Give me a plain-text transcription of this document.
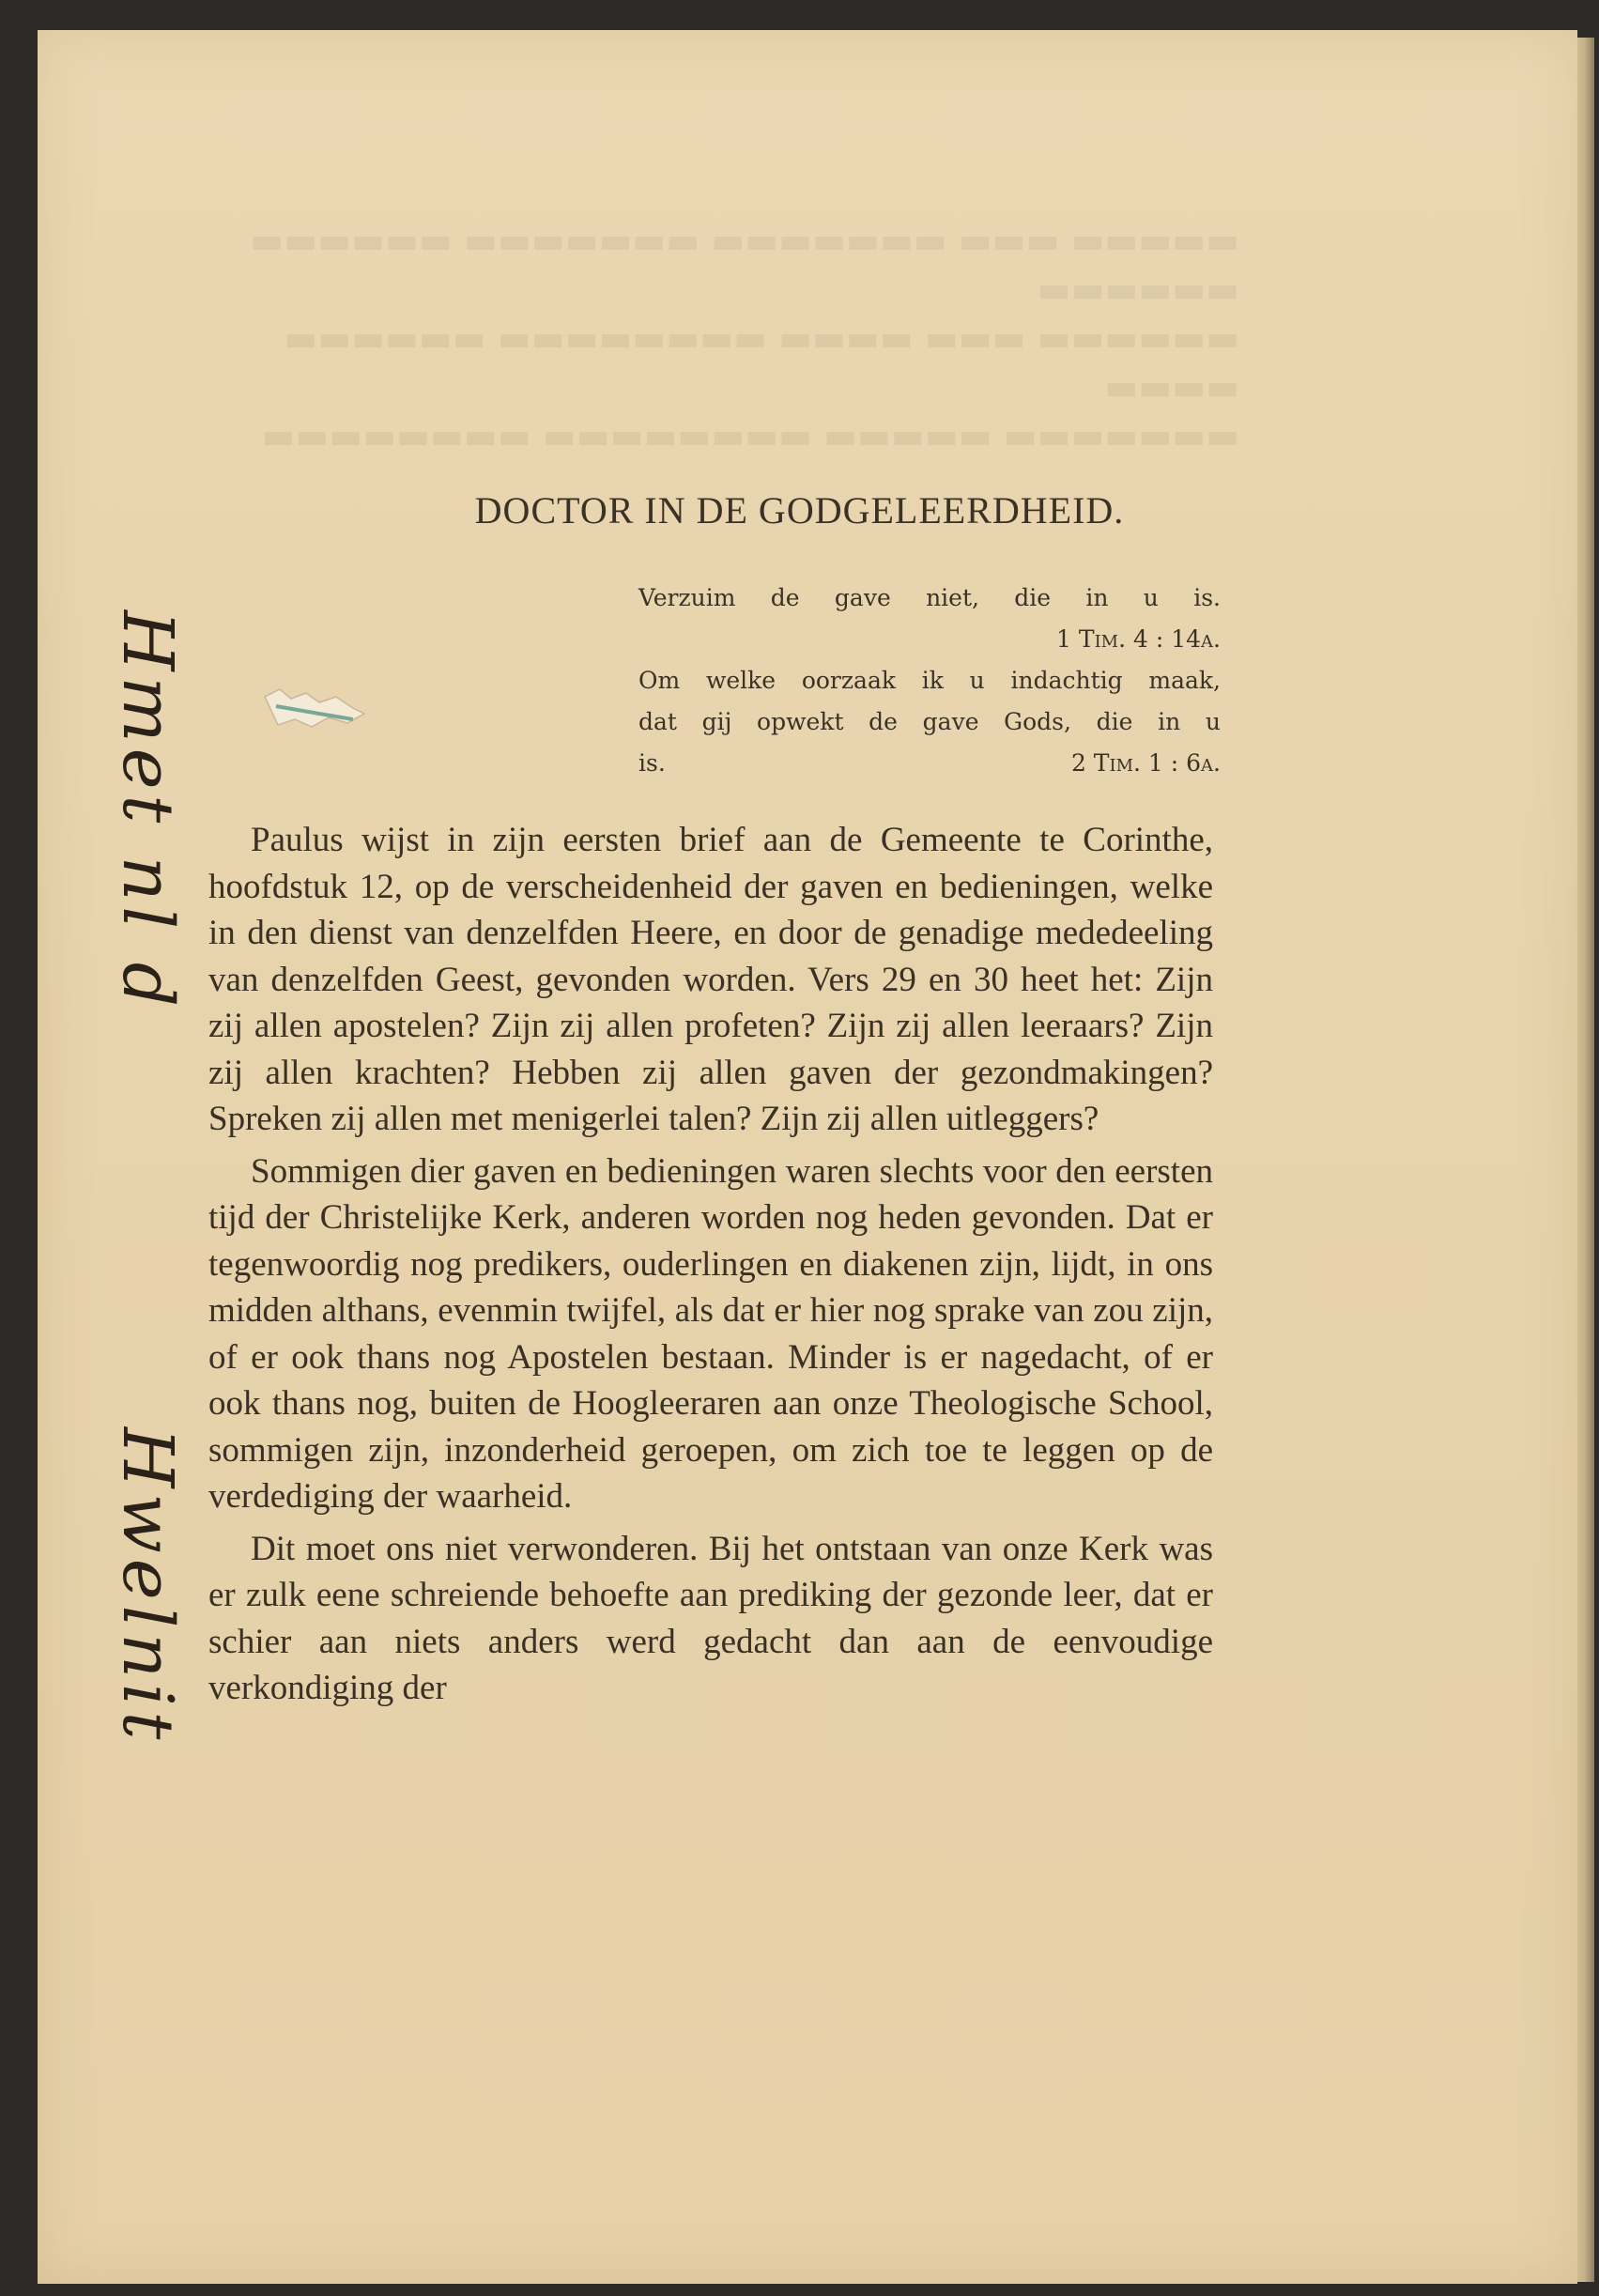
▬▬▬▬▬ ▬▬▬ ▬▬▬▬▬▬▬ ▬▬▬▬▬▬▬ ▬▬▬▬▬▬ ▬▬▬▬▬▬
▬▬▬▬▬▬ ▬▬▬ ▬▬▬▬ ▬▬▬▬▬▬▬▬ ▬▬▬▬▬▬ ▬▬▬▬
▬▬▬▬▬▬▬ ▬▬▬▬▬ ▬▬▬▬▬▬▬▬ ▬▬▬▬▬▬▬▬

Hmet nl d
Hwelnit
DOCTOR IN DE GODGELEERDHEID.
Verzuim de gave niet, die in u is.
1 Tim. 4 : 14a.
Om welke oorzaak ik u indachtig maak,
dat gij opwekt de gave Gods, die in u
is.	2 Tim. 1 : 6a.

Paulus wijst in zijn eersten brief aan de Gemeente te Corinthe, hoofdstuk 12, op de verscheidenheid der gaven en bedieningen, welke in den dienst van denzelfden Heere, en door de genadige mededeeling van denzelfden Geest, gevonden worden. Vers 29 en 30 heet het: Zijn zij allen apostelen? Zijn zij allen profeten? Zijn zij allen leeraars? Zijn zij allen krachten? Hebben zij allen gaven der gezondmakingen? Spreken zij allen met menigerlei talen? Zijn zij allen uitleggers?

Sommigen dier gaven en bedieningen waren slechts voor den eersten tijd der Christelijke Kerk, anderen worden nog heden gevonden. Dat er tegenwoordig nog predikers, ouderlingen en diakenen zijn, lijdt, in ons midden althans, evenmin twijfel, als dat er hier nog sprake van zou zijn, of er ook thans nog Apostelen bestaan. Minder is er nagedacht, of er ook thans nog, buiten de Hoogleeraren aan onze Theologische School, sommigen zijn, inzonderheid geroepen, om zich toe te leggen op de verdediging der waarheid.

Dit moet ons niet verwonderen. Bij het ontstaan van onze Kerk was er zulk eene schreiende behoefte aan prediking der gezonde leer, dat er schier aan niets anders werd gedacht dan aan de eenvoudige verkondiging der
